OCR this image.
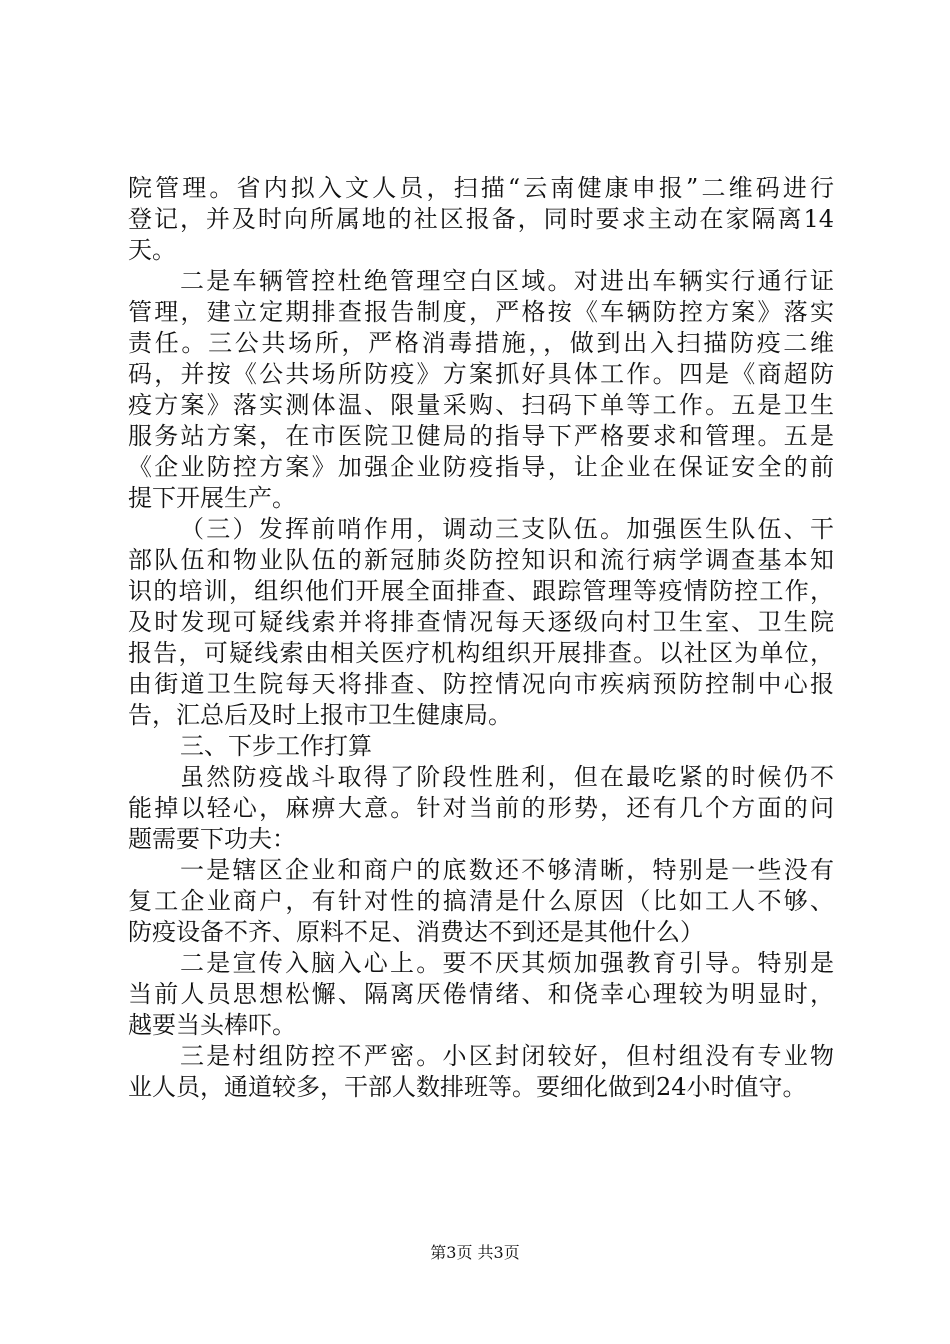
院管理。省内拟入文人员，扫描“云南健康申报”二维码进行
登记，并及时向所属地的社区报备，同时要求主动在家隔离14
天。
二是车辆管控杜绝管理空白区域。对进出车辆实行通行证
管理，建立定期排查报告制度，严格按《车辆防控方案》落实
责任。三公共场所，严格消毒措施，，做到出入扫描防疫二维
码，并按《公共场所防疫》方案抓好具体工作。四是《商超防
疫方案》落实测体温、限量采购、扫码下单等工作。五是卫生
服务站方案，在市医院卫健局的指导下严格要求和管理。五是
《企业防控方案》加强企业防疫指导，让企业在保证安全的前
提下开展生产。
（三）发挥前哨作用，调动三支队伍。加强医生队伍、干
部队伍和物业队伍的新冠肺炎防控知识和流行病学调查基本知
识的培训，组织他们开展全面排查、跟踪管理等疫情防控工作，
及时发现可疑线索并将排查情况每天逐级向村卫生室、卫生院
报告，可疑线索由相关医疗机构组织开展排查。以社区为单位，
由街道卫生院每天将排查、防控情况向市疾病预防控制中心报
告，汇总后及时上报市卫生健康局。
三、下步工作打算
虽然防疫战斗取得了阶段性胜利，但在最吃紧的时候仍不
能掉以轻心，麻痹大意。针对当前的形势，还有几个方面的问
题需要下功夫：
一是辖区企业和商户的底数还不够清晰，特别是一些没有
复工企业商户，有针对性的搞清是什么原因（比如工人不够、
防疫设备不齐、原料不足、消费达不到还是其他什么）
二是宣传入脑入心上。要不厌其烦加强教育引导。特别是
当前人员思想松懈、隔离厌倦情绪、和侥幸心理较为明显时，
越要当头棒吓。
三是村组防控不严密。小区封闭较好，但村组没有专业物
业人员，通道较多，干部人数排班等。要细化做到24小时值守。
第3页 共3页
